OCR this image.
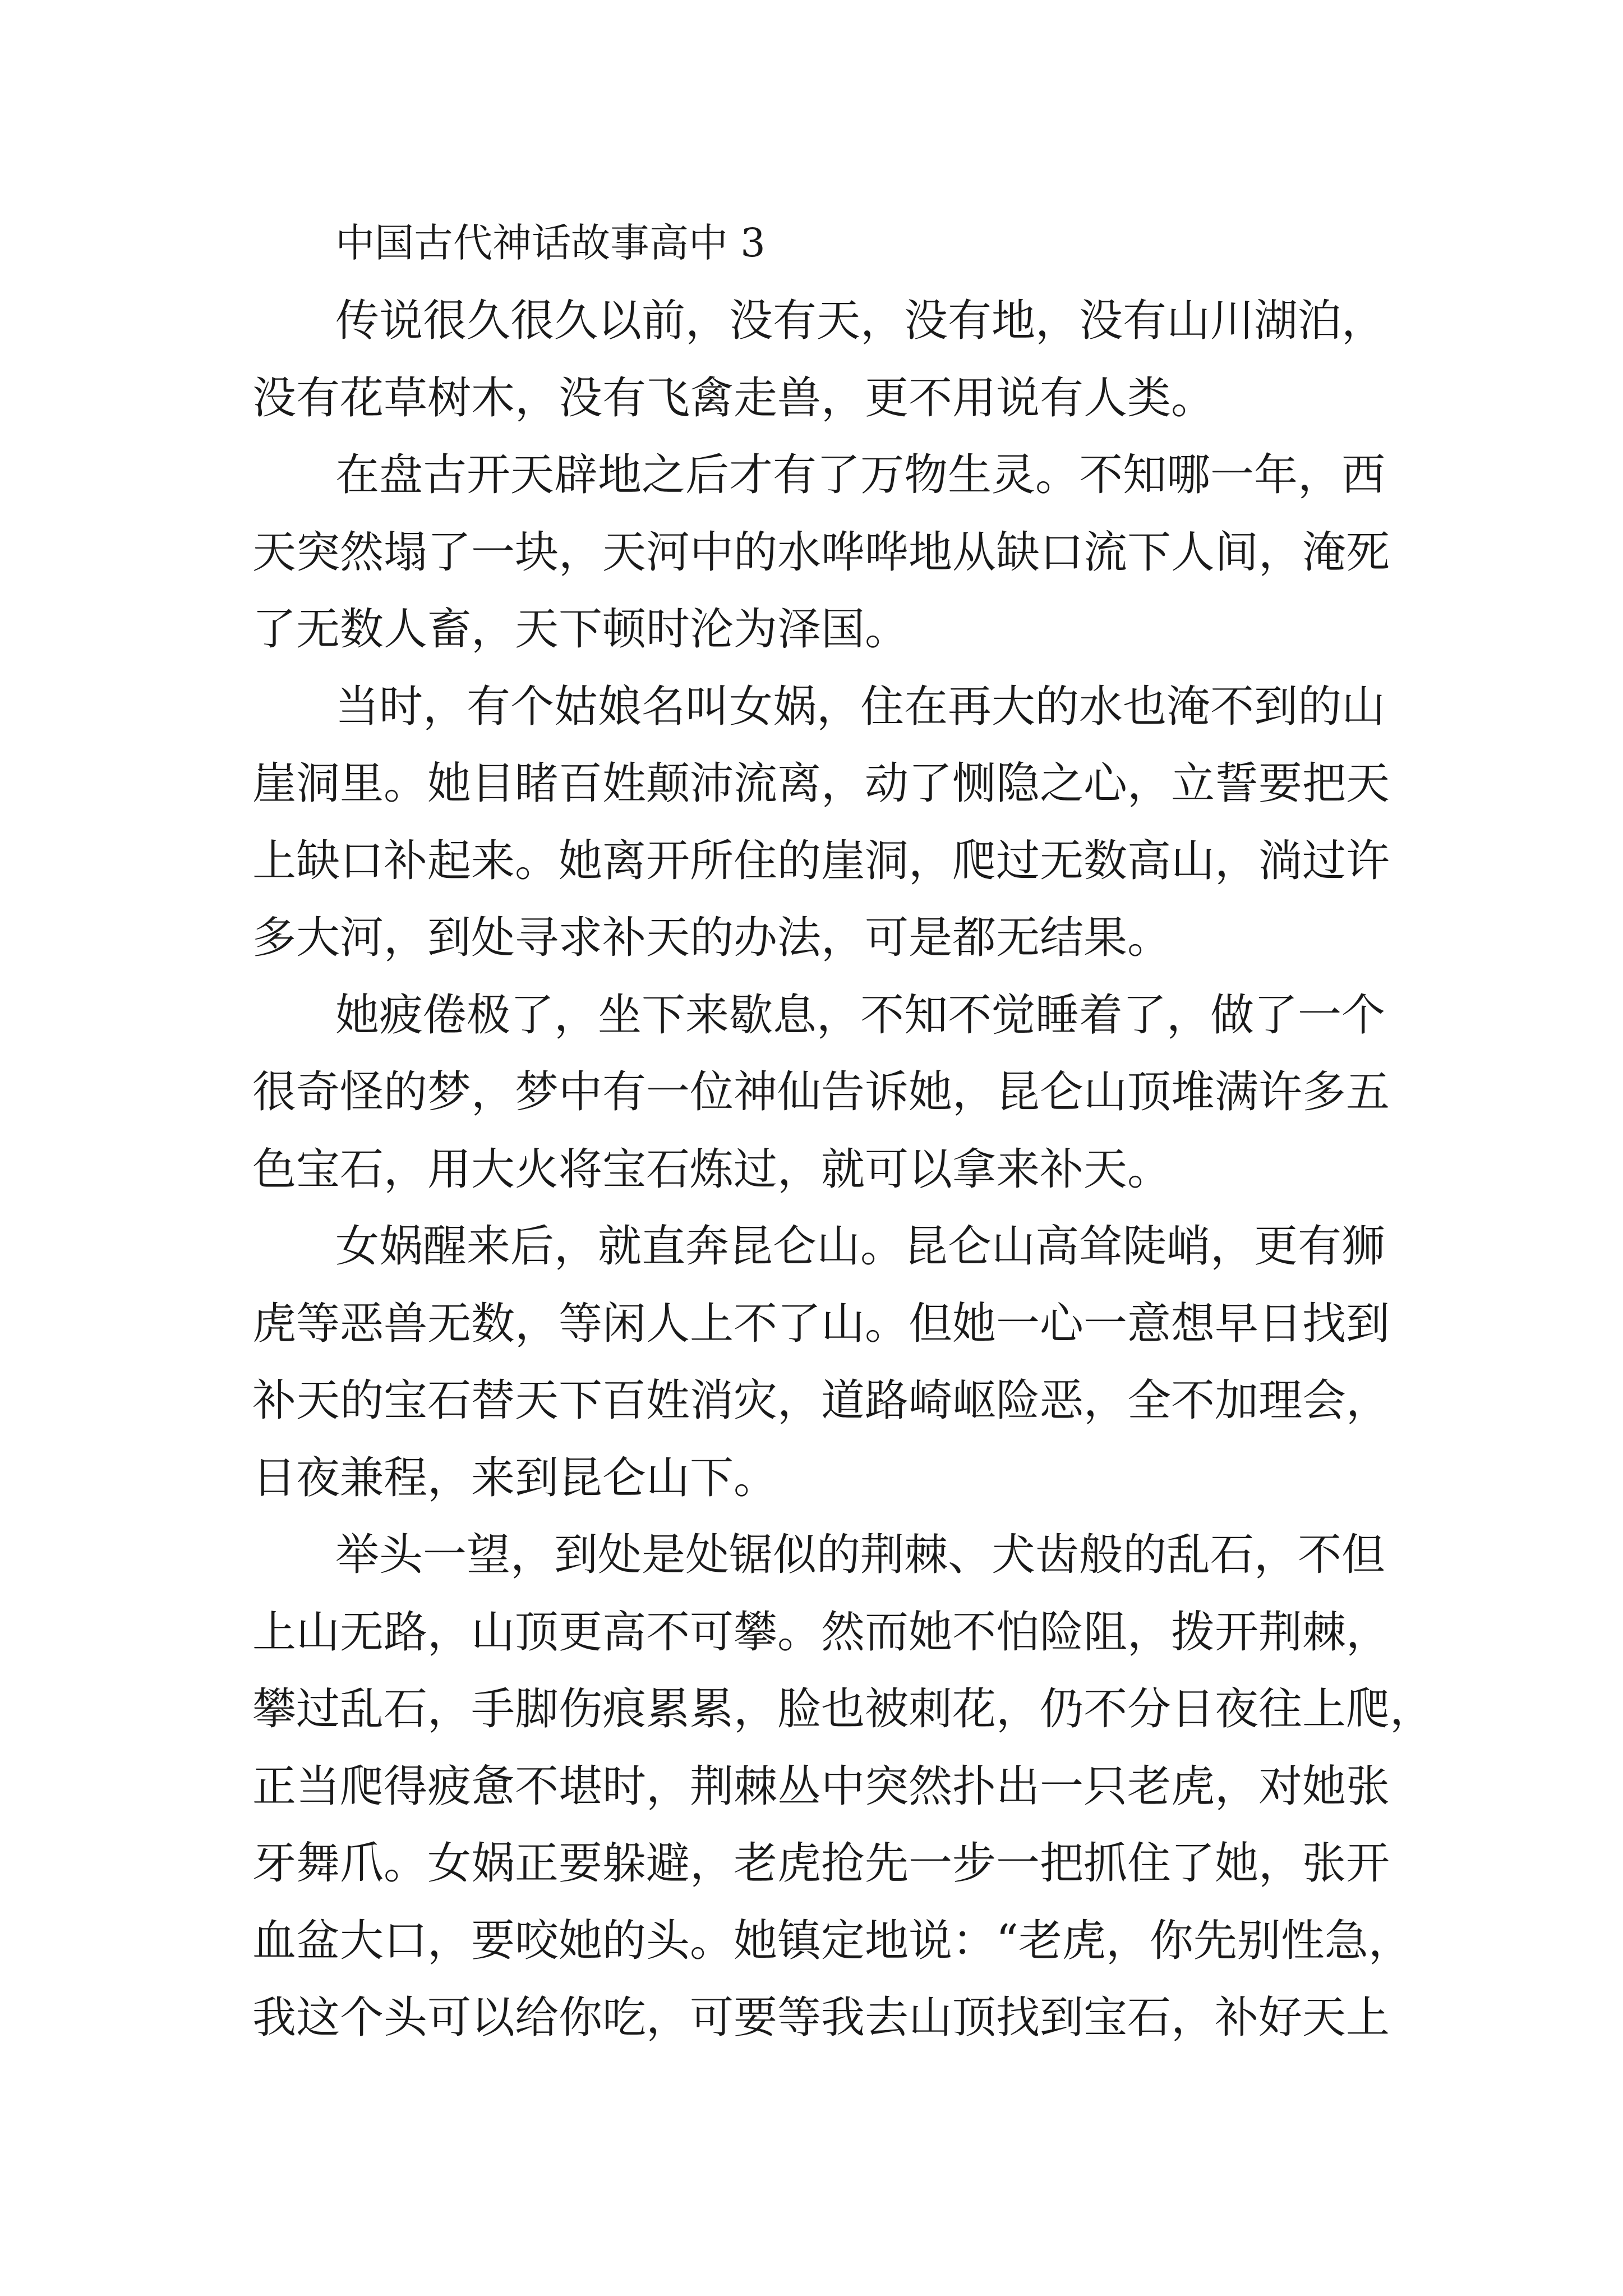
中国古代神话故事高中 3
传说很久很久以前，没有天，没有地，没有山川湖泊，
没有花草树木，没有飞禽走兽，更不用说有人类。
在盘古开天辟地之后才有了万物生灵。不知哪一年，西
天突然塌了一块，天河中的水哗哗地从缺口流下人间，淹死
了无数人畜，天下顿时沦为泽国。
当时，有个姑娘名叫女娲，住在再大的水也淹不到的山
崖洞里。她目睹百姓颠沛流离，动了恻隐之心，立誓要把天
上缺口补起来。她离开所住的崖洞，爬过无数高山，淌过许
多大河，到处寻求补天的办法，可是都无结果。
她疲倦极了，坐下来歇息，不知不觉睡着了，做了一个
很奇怪的梦，梦中有一位神仙告诉她，昆仑山顶堆满许多五
色宝石，用大火将宝石炼过，就可以拿来补天。
女娲醒来后，就直奔昆仑山。昆仑山高耸陡峭，更有狮
虎等恶兽无数，等闲人上不了山。但她一心一意想早日找到
补天的宝石替天下百姓消灾，道路崎岖险恶，全不加理会，
日夜兼程，来到昆仑山下。
举头一望，到处是处锯似的荆棘、犬齿般的乱石，不但
上山无路，山顶更高不可攀。然而她不怕险阻，拨开荆棘，
攀过乱石，手脚伤痕累累，脸也被刺花，仍不分日夜往上爬，
正当爬得疲惫不堪时，荆棘丛中突然扑出一只老虎，对她张
牙舞爪。女娲正要躲避，老虎抢先一步一把抓住了她，张开
血盆大口，要咬她的头。她镇定地说：“老虎，你先别性急，
我这个头可以给你吃，可要等我去山顶找到宝石，补好天上
